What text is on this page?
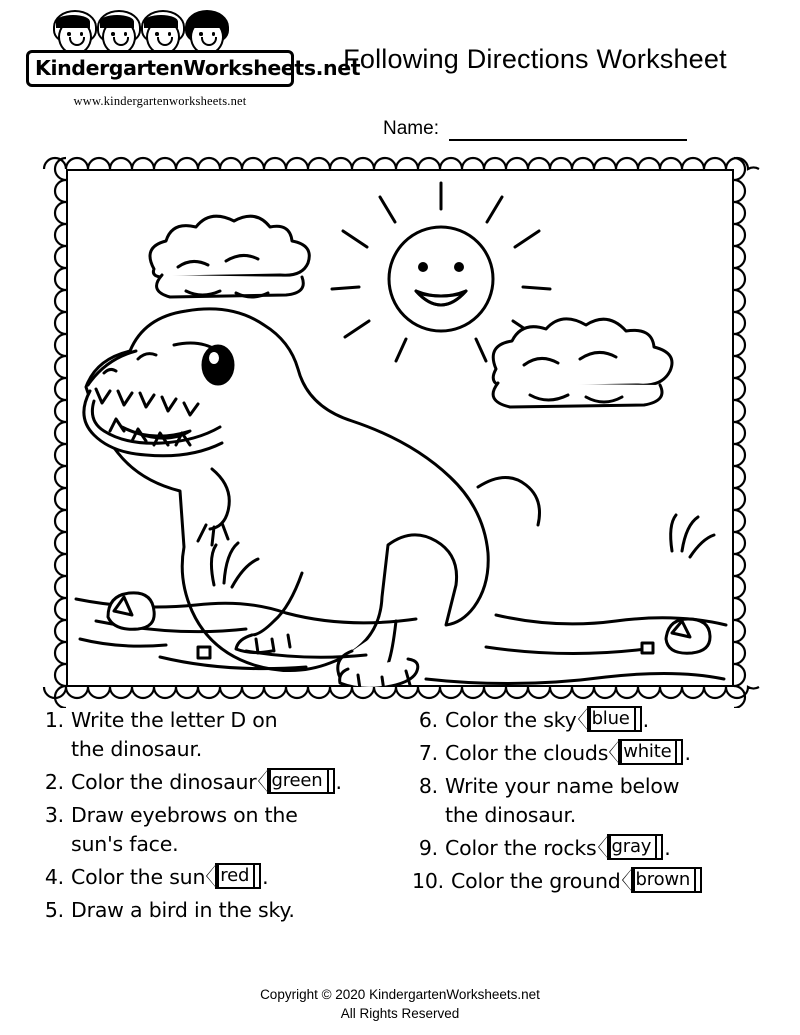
KindergartenWorksheets.net
www.kindergartenworksheets.net
Following Directions Worksheet
Name:
1. Write the letter D on
the dinosaur.
2. Color the dinosaur green .
3. Draw eyebrows on the
sun's face.
4. Color the sun red .
5. Draw a bird in the sky.
6. Color the sky blue .
7. Color the clouds white .
8. Write your name below
the dinosaur.
9. Color the rocks gray .
10. Color the ground brown
Copyright © 2020 KindergartenWorksheets.net
All Rights Reserved
